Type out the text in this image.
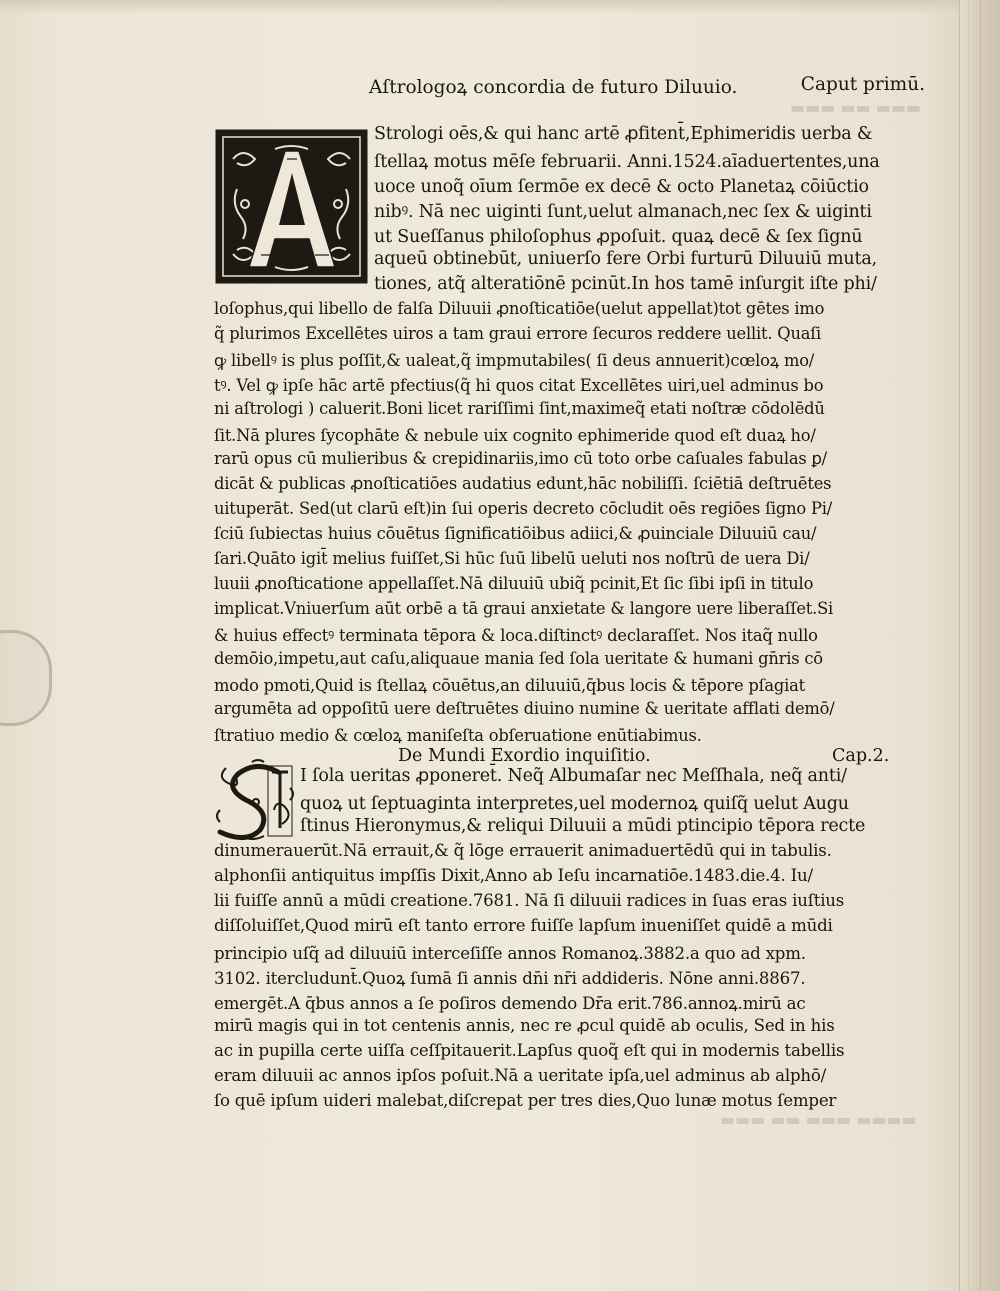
▬▬▬ ▬▬ ▬▬▬
▬▬▬▬ ▬▬▬ ▬▬ ▬▬▬
Aſtrologoꝝ concordia de futuro Diluuio.	Caput primū.
Strologi oēs,& qui hanc artē ꝓfitent̄,Ephimeridis uerba &
ſtellaꝝ motus mēſe februarii. Anni.1524.aīaduertentes,una
uoce unoq̃ oīum ſermōe ex decē & octo Planetaꝝ cōiūctio
nibꝰ. Nā nec uiginti ſunt,uelut almanach,nec ſex & uiginti
ut Sueſſanus philoſophus ꝓpoſuit. quaꝝ decē & ſex ſignū
aqueū obtinebūt, uniuerſo fere Orbi furturū Diluuiū muta,
tiones, atq̃ alteratiōnē pcinūt.In hos tamē inſurgit iſte phi/
loſophus,qui libello de falſa Diluuii ꝓnoſticatiōe(uelut appellat)tot gētes imo
q̃ plurimos Excellētes uiros a tam graui errore ſecuros reddere uellit. Quaſi
ꝙ libellꝰ is plus poſſit,& ualeat,q̃ impmutabiles( ſi deus annuerit)cœloꝝ mo/
tꝰ. Vel ꝙ ipſe hāc artē pfectius(q̃ hi quos citat Excellētes uiri,uel adminus bo
ni aſtrologi ) caluerit.Boni licet rariſſimi ſint,maximeq̃ etati noſtræ cōdolēdū
ſit.Nā plures ſycophāte & nebule uix cognito ephimeride quod eſt duaꝝ ho/
rarū opus cū mulieribus & crepidinariis,imo cū toto orbe caſuales fabulas ꝑ/
dicāt & publicas ꝓnoſticatiōes audatius edunt,hāc nobiliſſi. ſciētiā deſtruētes
uituperāt. Sed(ut clarū eſt)in ſui operis decreto cōcludit oēs regiōes ſigno Pi/
ſciū ſubiectas huius cōuētus ſignificatiōibus adiici,& ꝓuinciale Diluuiū cau/
ſari.Quāto igit̄ melius fuiſſet,Si hūc ſuū libelū ueluti nos noſtrū de uera Di/
luuii ꝓnoſticatione appellaſſet.Nā diluuiū ubiq̃ pcinit,Et ſic ſibi ipſi in titulo
implicat.Vniuerſum aūt orbē a tā graui anxietate & langore uere liberaſſet.Si
& huius effectꝰ terminata tēpora & loca.diſtinctꝰ declaraſſet. Nos itaq̃ nullo
demōio,impetu,aut caſu,aliquaue mania ſed ſola ueritate & humani gn̄ris cō
modo pmoti,Quid is ſtellaꝝ cōuētus,an diluuiū,q̄bus locis & tēpore pſagiat
argumēta ad oppoſitū uere deſtruētes diuino numine & ueritate afflati demō/
ſtratiuo medio & cœloꝝ maniſeſta obſeruatione enūtiabimus.
De Mundi Exordio inquiſitio.	Cap.2.
I ſola ueritas ꝓponeret̄. Neq̃ Albumaſar nec Meſſhala, neq̃ anti/
quoꝝ ut ſeptuaginta interpretes,uel modernoꝝ quiſq̃ uelut Augu
ſtinus Hieronymus,& reliqui Diluuii a mūdi ptincipio tēpora recte
dinumerauerūt.Nā errauit,& q̃ lōge errauerit animaduertēdū qui in tabulis.
alphonſii antiquitus impſſis Dixit,Anno ab Ieſu incarnatiōe.1483.die.4. Iu/
lii fuiſſe annū a mūdi creatione.7681. Nā ſi diluuii radices in ſuas eras iuſtius
diſſoluiſſet,Quod mirū eſt tanto errore fuiſſe lapſum inueniſſet quidē a mūdi
principio uſq̃ ad diluuiū interceſiſſe annos Romanoꝝ.3882.a quo ad xpm.
3102. itercludunt̄.Quoꝝ ſumā ſi annis dn̄i nr̄i addideris. Nōne anni.8867.
emergēt.A q̄bus annos a ſe poſiros demendo Dr̄a erit.786.annoꝝ.mirū ac
mirū magis qui in tot centenis annis, nec re ꝓcul quidē ab oculis, Sed in his
ac in pupilla certe uiſſa ceſſpitauerit.Lapſus quoq̃ eſt qui in modernis tabellis
eram diluuii ac annos ipſos poſuit.Nā a ueritate ipſa,uel adminus ab alphō/
ſo quē ipſum uideri malebat,diſcrepat per tres dies,Quo lunæ motus ſemper
